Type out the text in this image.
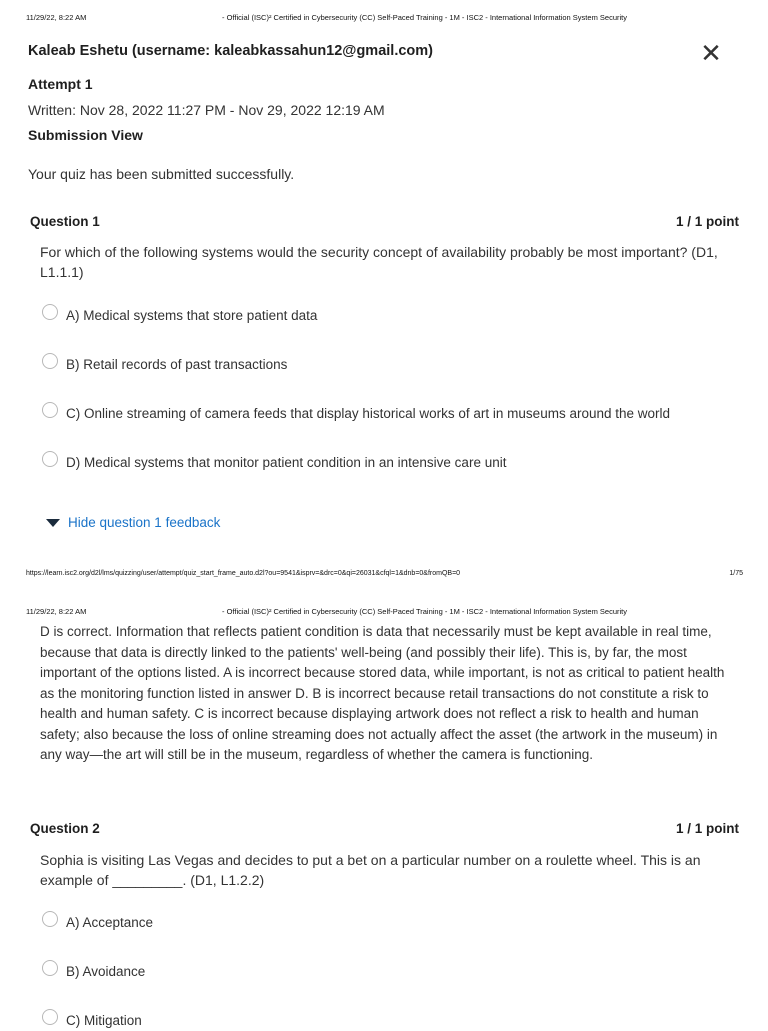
11/29/22, 8:22 AM	- Official (ISC)² Certified in Cybersecurity (CC) Self-Paced Training - 1M - ISC2 - International Information System Security
Kaleab Eshetu (username: kaleabkassahun12@gmail.com)	✕
Attempt 1
Written: Nov 28, 2022 11:27 PM - Nov 29, 2022 12:19 AM
Submission View
Your quiz has been submitted successfully.
Question 1	1 / 1 point
For which of the following systems would the security concept of availability probably be most important? (D1, L1.1.1)
A) Medical systems that store patient data
B) Retail records of past transactions
C) Online streaming of camera feeds that display historical works of art in museums around the world
D) Medical systems that monitor patient condition in an intensive care unit
Hide question 1 feedback
https://learn.isc2.org/d2l/lms/quizzing/user/attempt/quiz_start_frame_auto.d2l?ou=9541&isprv=&drc=0&qi=26031&cfql=1&dnb=0&fromQB=0	1/75
11/29/22, 8:22 AM	- Official (ISC)² Certified in Cybersecurity (CC) Self-Paced Training - 1M - ISC2 - International Information System Security
D is correct. Information that reflects patient condition is data that necessarily must be kept available in real time, because that data is directly linked to the patients' well-being (and possibly their life). This is, by far, the most important of the options listed. A is incorrect because stored data, while important, is not as critical to patient health as the monitoring function listed in answer D. B is incorrect because retail transactions do not constitute a risk to health and human safety. C is incorrect because displaying artwork does not reflect a risk to health and human safety; also because the loss of online streaming does not actually affect the asset (the artwork in the museum) in any way—the art will still be in the museum, regardless of whether the camera is functioning.
Question 2	1 / 1 point
Sophia is visiting Las Vegas and decides to put a bet on a particular number on a roulette wheel. This is an example of _________. (D1, L1.2.2)
A) Acceptance
B) Avoidance
C) Mitigation
